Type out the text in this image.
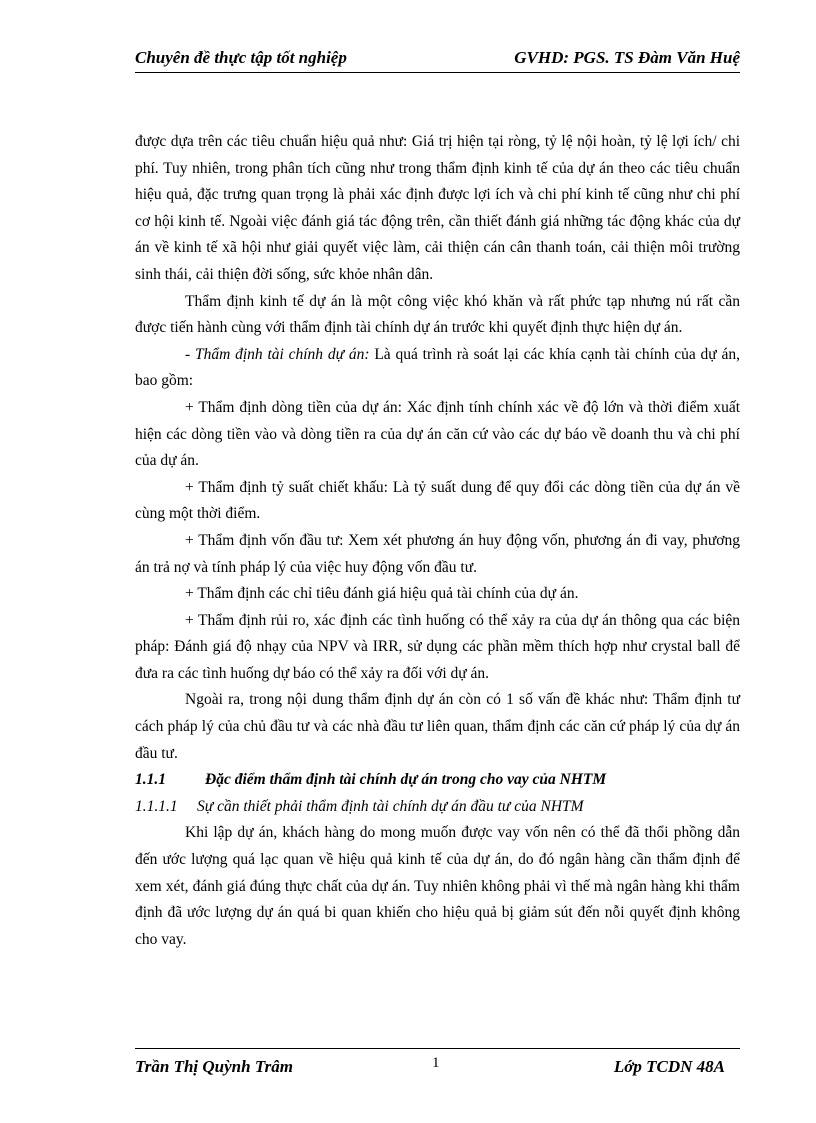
Chuyên đề thực tập tốt nghiệp	GVHD: PGS. TS Đàm Văn Huệ

được dựa trên các tiêu chuẩn hiệu quả như: Giá trị hiện tại ròng, tỷ lệ nội hoàn, tỷ lệ lợi ích/ chi phí. Tuy nhiên, trong phân tích cũng như trong thẩm định kinh tế của dự án theo các tiêu chuẩn hiệu quả, đặc trưng quan trọng là phải xác định được lợi ích và chi phí kinh tế cũng như chi phí cơ hội kinh tế. Ngoài việc đánh giá tác động trên, cần thiết đánh giá những tác động khác của dự án về kinh tế xã hội như giải quyết việc làm, cải thiện cán cân thanh toán, cải thiện môi trường sinh thái, cải thiện đời sống, sức khỏe nhân dân.

Thẩm định kinh tế dự án là một công việc khó khăn và rất phức tạp nhưng nú rất cần được tiến hành cùng với thẩm định tài chính dự án trước khi quyết định thực hiện dự án.

- Thẩm định tài chính dự án: Là quá trình rà soát lại các khía cạnh tài chính của dự án, bao gồm:

+ Thẩm định dòng tiền của dự án: Xác định tính chính xác về độ lớn và thời điểm xuất hiện các dòng tiền vào và dòng tiền ra của dự án căn cứ vào các dự báo về doanh thu và chi phí của dự án.

+ Thẩm định tỷ suất chiết khấu: Là tỷ suất dung để quy đổi các dòng tiền của dự án về cùng một thời điểm.

+ Thẩm định vốn đầu tư: Xem xét phương án huy động vốn, phương án đi vay, phương án trả nợ và tính pháp lý của việc huy động vốn đầu tư.

+ Thẩm định các chỉ tiêu đánh giá hiệu quả tài chính của dự án.

+ Thẩm định rủi ro, xác định các tình huống có thể xảy ra của dự án thông qua các biện pháp: Đánh giá độ nhạy của NPV và IRR, sử dụng các phần mềm thích hợp như crystal ball để đưa ra các tình huống dự báo có thể xảy ra đối với dự án.

Ngoài ra, trong nội dung thẩm định dự án còn có 1 số vấn đề khác như: Thẩm định tư cách pháp lý của chủ đầu tư và các nhà đầu tư liên quan, thẩm định các căn cứ pháp lý của dự án đầu tư.

1.1.1	Đặc điểm thẩm định tài chính dự án trong cho vay của NHTM

1.1.1.1 Sự cần thiết phải thẩm định tài chính dự án đầu tư của NHTM

Khi lập dự án, khách hàng do mong muốn được vay vốn nên có thể đã thổi phồng dẫn đến ước lượng quá lạc quan về hiệu quả kinh tế của dự án, do đó ngân hàng cần thẩm định để xem xét, đánh giá đúng thực chất của dự án. Tuy nhiên không phải vì thế mà ngân hàng khi thẩm định đã ước lượng dự án quá bi quan khiến cho hiệu quả bị giảm sút đến nỗi quyết định không cho vay.

Trần Thị Quỳnh Trâm	1	Lớp TCDN 48A
